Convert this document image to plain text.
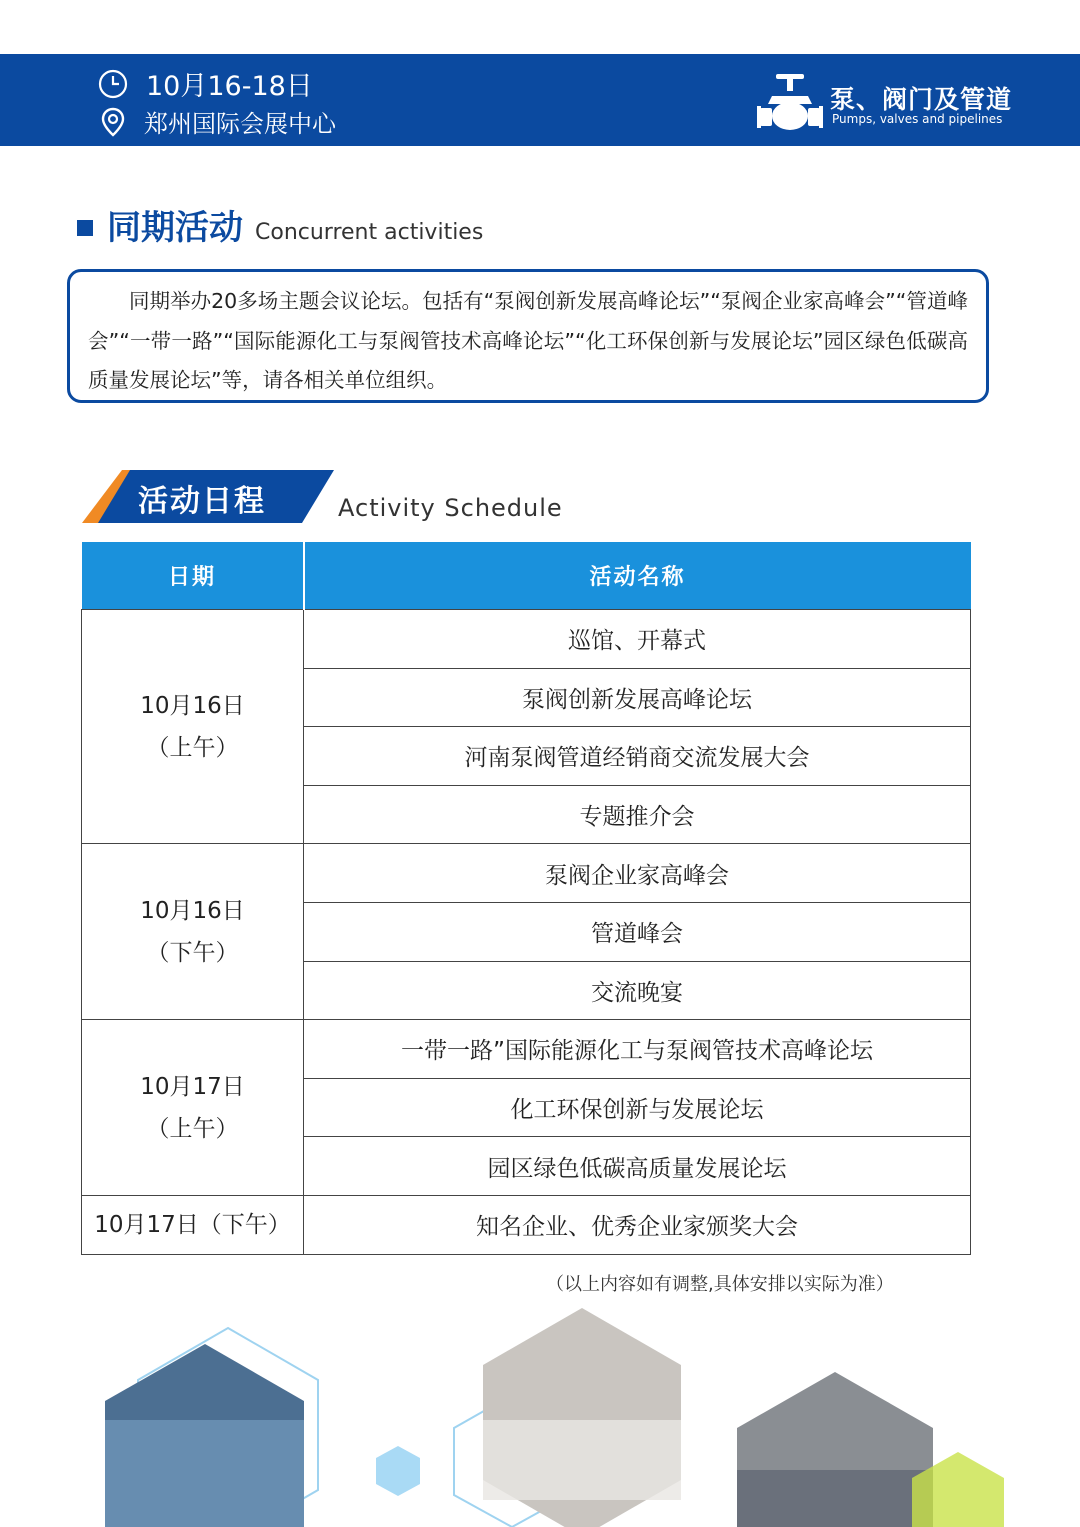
10月16-18日
郑州国际会展中心
泵、阀门及管道
Pumps, valves and pipelines
同期活动 Concurrent activities
同期举办20多场主题会议论坛。包括有“泵阀创新发展高峰论坛”“泵阀企业家高峰会”“管道峰会”“一带一路”“国际能源化工与泵阀管技术高峰论坛”“化工环保创新与发展论坛”园区绿色低碳高质量发展论坛”等，请各相关单位组织。
活动日程	Activity Schedule
日期	活动名称

10月16日
（上午）	巡馆、开幕式
	泵阀创新发展高峰论坛
	河南泵阀管道经销商交流发展大会
	专题推介会

10月16日
（下午）	泵阀企业家高峰会
	管道峰会
	交流晚宴

10月17日
（上午）	一带一路”国际能源化工与泵阀管技术高峰论坛
	化工环保创新与发展论坛
	园区绿色低碳高质量发展论坛
10月17日（下午）	知名企业、优秀企业家颁奖大会
（以上内容如有调整,具体安排以实际为准）
